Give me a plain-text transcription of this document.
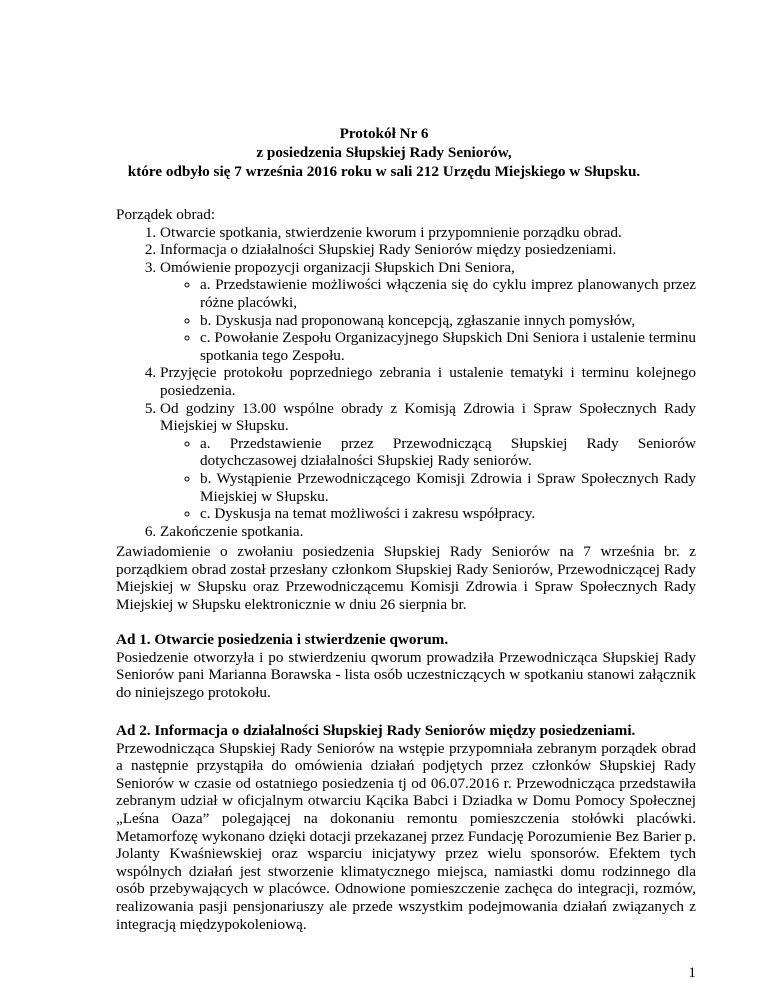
Protokół Nr 6
z posiedzenia Słupskiej Rady Seniorów,
które odbyło się 7 września 2016 roku w sali 212 Urzędu Miejskiego w Słupsku.

Porządek obrad:

1. Otwarcie spotkania, stwierdzenie kworum i przypomnienie porządku obrad.
2. Informacja o działalności Słupskiej Rady Seniorów między posiedzeniami.
3. Omówienie propozycji organizacji Słupskich Dni Seniora,
◦ a. Przedstawienie możliwości włączenia się do cyklu imprez planowanych przez różne placówki,
◦ b. Dyskusja nad proponowaną koncepcją, zgłaszanie innych pomysłów,
◦ c. Powołanie Zespołu Organizacyjnego Słupskich Dni Seniora i ustalenie terminu spotkania tego Zespołu.
4. Przyjęcie protokołu poprzedniego zebrania i ustalenie tematyki i terminu kolejnego posiedzenia.
5. Od godziny 13.00 wspólne obrady z Komisją Zdrowia i Spraw Społecznych Rady Miejskiej w Słupsku.
◦ a. Przedstawienie przez Przewodniczącą Słupskiej Rady Seniorów dotychczasowej działalności Słupskiej Rady seniorów.
◦ b. Wystąpienie Przewodniczącego Komisji Zdrowia i Spraw Społecznych Rady Miejskiej w Słupsku.
◦ c. Dyskusja na temat możliwości i zakresu współpracy.
6. Zakończenie spotkania.

Zawiadomienie o zwołaniu posiedzenia Słupskiej Rady Seniorów na 7 września br. z porządkiem obrad został przesłany członkom Słupskiej Rady Seniorów, Przewodniczącej Rady Miejskiej w Słupsku oraz Przewodniczącemu Komisji Zdrowia i Spraw Społecznych Rady Miejskiej w Słupsku elektronicznie w dniu 26 sierpnia br.

Ad 1. Otwarcie posiedzenia i stwierdzenie qworum.

Posiedzenie otworzyła i po stwierdzeniu qworum prowadziła Przewodnicząca Słupskiej Rady Seniorów pani Marianna Borawska - lista osób uczestniczących w spotkaniu stanowi załącznik do niniejszego protokołu.

Ad 2. Informacja o działalności Słupskiej Rady Seniorów między posiedzeniami.

Przewodnicząca Słupskiej Rady Seniorów na wstępie przypomniała zebranym porządek obrad a następnie przystąpiła do omówienia działań podjętych przez członków Słupskiej Rady Seniorów w czasie od ostatniego posiedzenia tj od 06.07.2016 r. Przewodnicząca przedstawiła zebranym udział w oficjalnym otwarciu Kącika Babci i Dziadka w Domu Pomocy Społecznej „Leśna Oaza” polegającej na dokonaniu remontu pomieszczenia stołówki placówki. Metamorfozę wykonano dzięki dotacji przekazanej przez Fundację Porozumienie Bez Barier p. Jolanty Kwaśniewskiej oraz wsparciu inicjatywy przez wielu sponsorów. Efektem tych wspólnych działań jest stworzenie klimatycznego miejsca, namiastki domu rodzinnego dla osób przebywających w placówce. Odnowione pomieszczenie zachęca do integracji, rozmów, realizowania pasji pensjonariuszy ale przede wszystkim podejmowania działań związanych z integracją międzypokoleniową.

1
